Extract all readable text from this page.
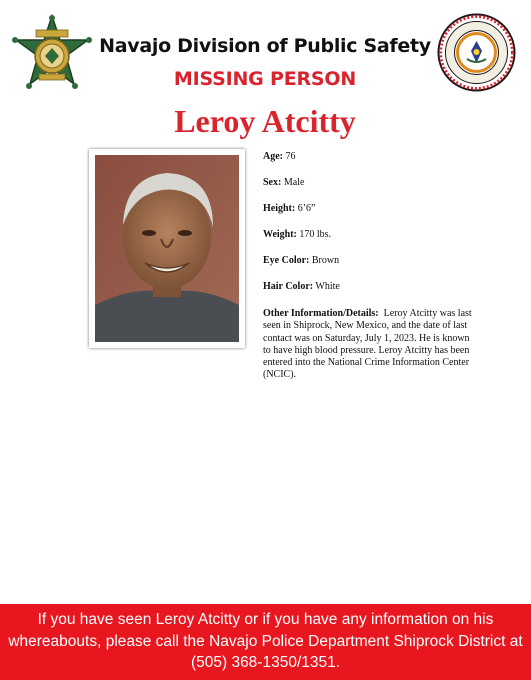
Navajo Division of Public Safety
MISSING PERSON
Leroy Atcitty
Age: 76
Sex: Male
Height: 6’6”
Weight: 170 lbs.
Eye Color: Brown
Hair Color: White
Other Information/Details: Leroy Atcitty was last seen in Shiprock, New Mexico, and the date of last contact was on Saturday, July 1, 2023. He is known to have high blood pressure. Leroy Atcitty has been entered into the National Crime Information Center (NCIC).
If you have seen Leroy Atcitty or if you have any information on his whereabouts, please call the Navajo Police Department Shiprock District at (505) 368-1350/1351.
